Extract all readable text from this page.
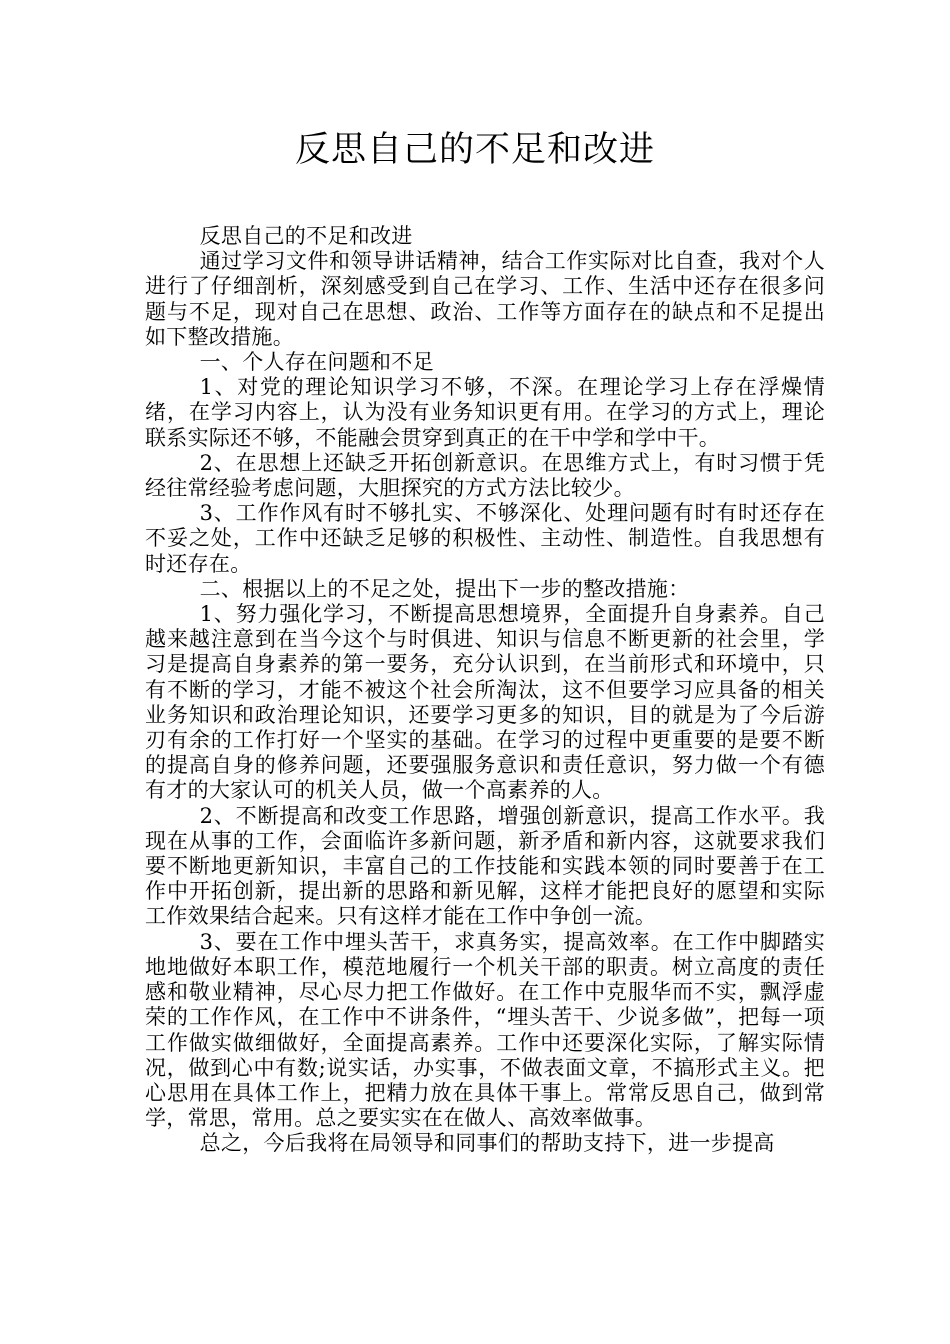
反思自己的不足和改进

反思自己的不足和改进

通过学习文件和领导讲话精神，结合工作实际对比自查，我对个人进行了仔细剖析，深刻感受到自己在学习、工作、生活中还存在很多问题与不足，现对自己在思想、政治、工作等方面存在的缺点和不足提出如下整改措施。

一、个人存在问题和不足

1、对党的理论知识学习不够，不深。在理论学习上存在浮燥情绪，在学习内容上，认为没有业务知识更有用。在学习的方式上，理论联系实际还不够，不能融会贯穿到真正的在干中学和学中干。

2、在思想上还缺乏开拓创新意识。在思维方式上，有时习惯于凭经往常经验考虑问题，大胆探究的方式方法比较少。

3、工作作风有时不够扎实、不够深化、处理问题有时有时还存在不妥之处，工作中还缺乏足够的积极性、主动性、制造性。自我思想有时还存在。

二、根据以上的不足之处，提出下一步的整改措施：

1、努力强化学习，不断提高思想境界，全面提升自身素养。自己越来越注意到在当今这个与时俱进、知识与信息不断更新的社会里，学习是提高自身素养的第一要务，充分认识到，在当前形式和环境中，只有不断的学习，才能不被这个社会所淘汰，这不但要学习应具备的相关业务知识和政治理论知识，还要学习更多的知识，目的就是为了今后游刃有余的工作打好一个坚实的基础。在学习的过程中更重要的是要不断的提高自身的修养问题，还要强服务意识和责任意识，努力做一个有德有才的大家认可的机关人员，做一个高素养的人。

2、不断提高和改变工作思路，增强创新意识，提高工作水平。我现在从事的工作，会面临许多新问题，新矛盾和新内容，这就要求我们要不断地更新知识，丰富自己的工作技能和实践本领的同时要善于在工作中开拓创新，提出新的思路和新见解，这样才能把良好的愿望和实际工作效果结合起来。只有这样才能在工作中争创一流。

3、要在工作中埋头苦干，求真务实，提高效率。在工作中脚踏实地地做好本职工作，模范地履行一个机关干部的职责。树立高度的责任感和敬业精神，尽心尽力把工作做好。在工作中克服华而不实，飘浮虚荣的工作作风，在工作中不讲条件，“埋头苦干、少说多做”，把每一项工作做实做细做好，全面提高素养。工作中还要深化实际，了解实际情况，做到心中有数;说实话，办实事，不做表面文章，不搞形式主义。把心思用在具体工作上，把精力放在具体干事上。常常反思自己，做到常学，常思，常用。总之要实实在在做人、高效率做事。

总之，今后我将在局领导和同事们的帮助支持下，进一步提高
